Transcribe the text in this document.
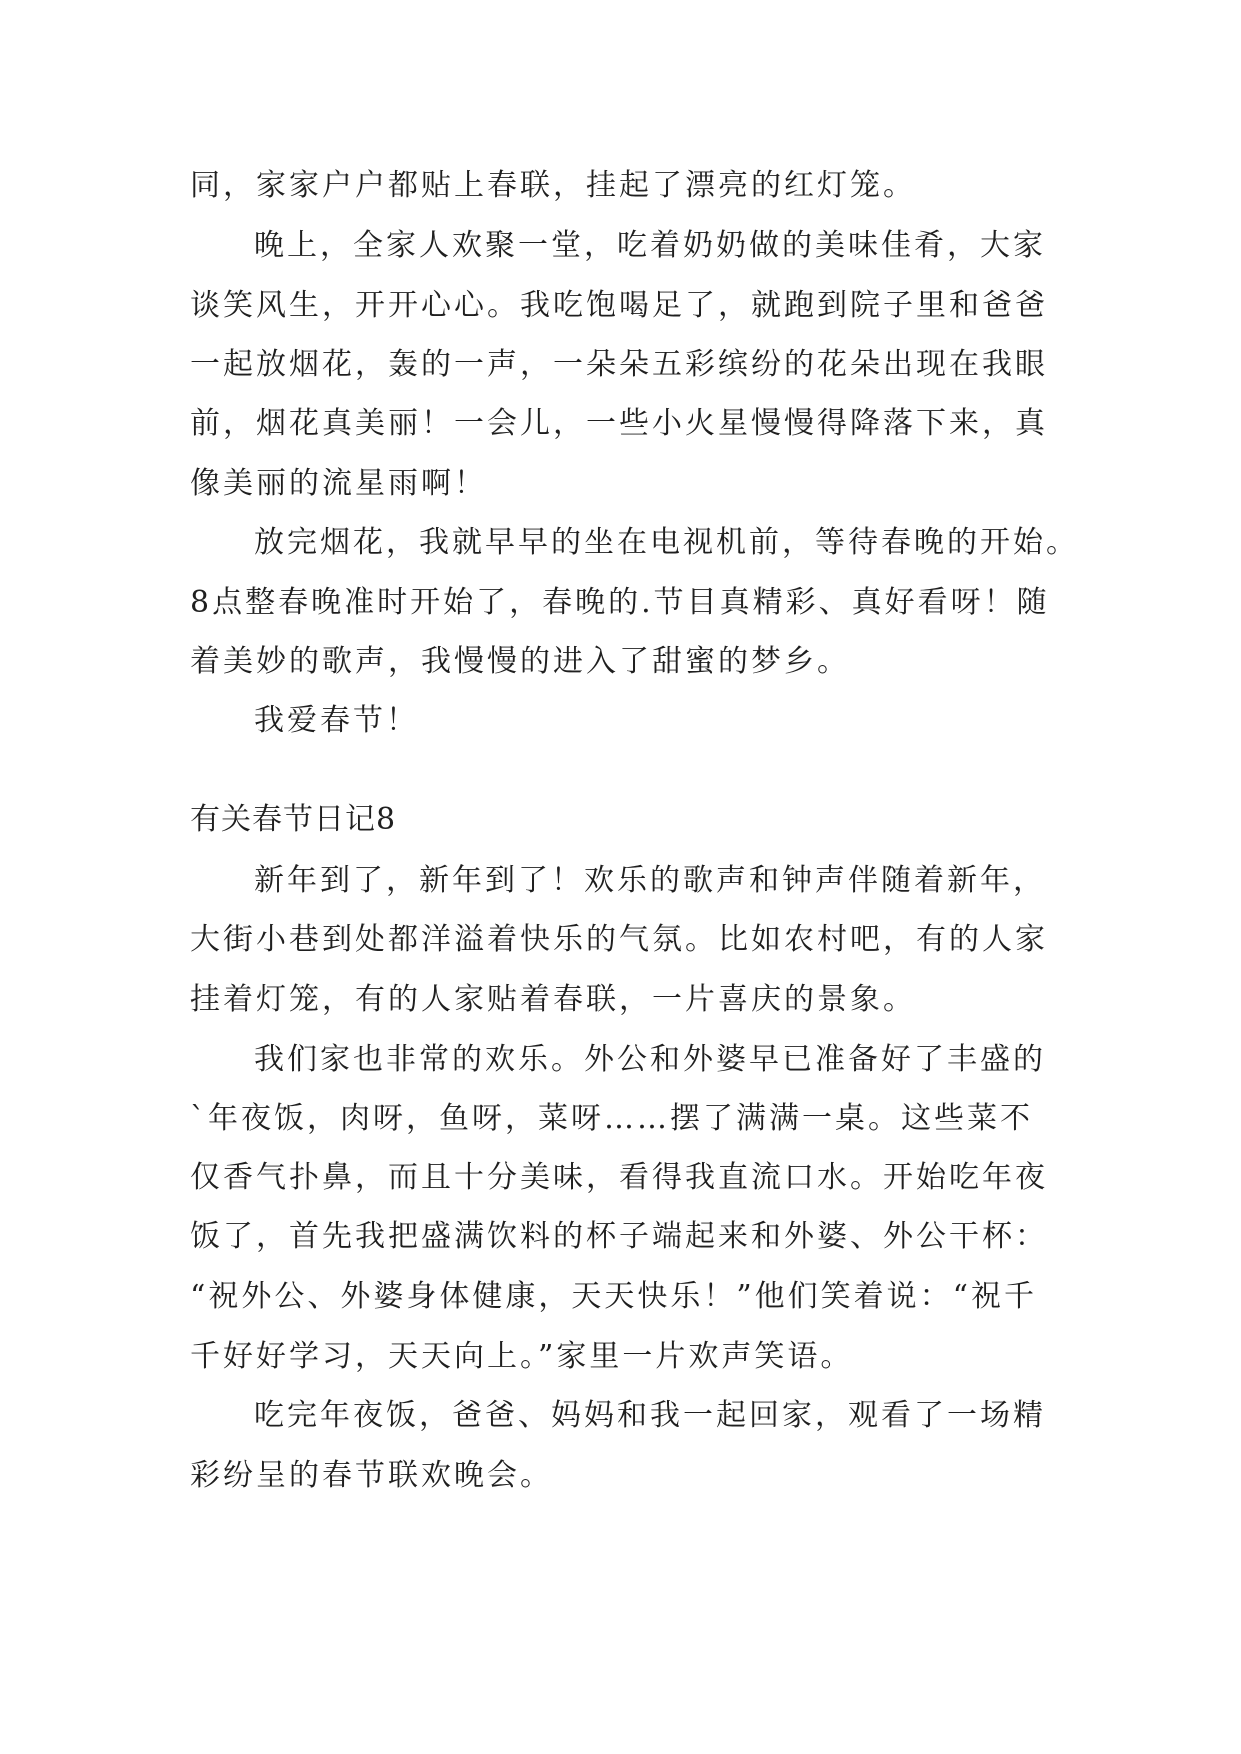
同，家家户户都贴上春联，挂起了漂亮的红灯笼。

晚上，全家人欢聚一堂，吃着奶奶做的美味佳肴，大家

谈笑风生，开开心心。我吃饱喝足了，就跑到院子里和爸爸

一起放烟花，轰的一声，一朵朵五彩缤纷的花朵出现在我眼

前，烟花真美丽！一会儿，一些小火星慢慢得降落下来，真

像美丽的流星雨啊！

放完烟花，我就早早的坐在电视机前，等待春晚的开始。

8点整春晚准时开始了，春晚的.节目真精彩、真好看呀！随

着美妙的歌声，我慢慢的进入了甜蜜的梦乡。

我爱春节！

有关春节日记8

新年到了，新年到了！欢乐的歌声和钟声伴随着新年，

大街小巷到处都洋溢着快乐的气氛。比如农村吧，有的人家

挂着灯笼，有的人家贴着春联，一片喜庆的景象。

我们家也非常的欢乐。外公和外婆早已准备好了丰盛的

`年夜饭，肉呀，鱼呀，菜呀……摆了满满一桌。这些菜不

仅香气扑鼻，而且十分美味，看得我直流口水。开始吃年夜

饭了，首先我把盛满饮料的杯子端起来和外婆、外公干杯：

“祝外公、外婆身体健康，天天快乐！”他们笑着说：“祝千

千好好学习，天天向上。”家里一片欢声笑语。

吃完年夜饭，爸爸、妈妈和我一起回家，观看了一场精

彩纷呈的春节联欢晚会。
